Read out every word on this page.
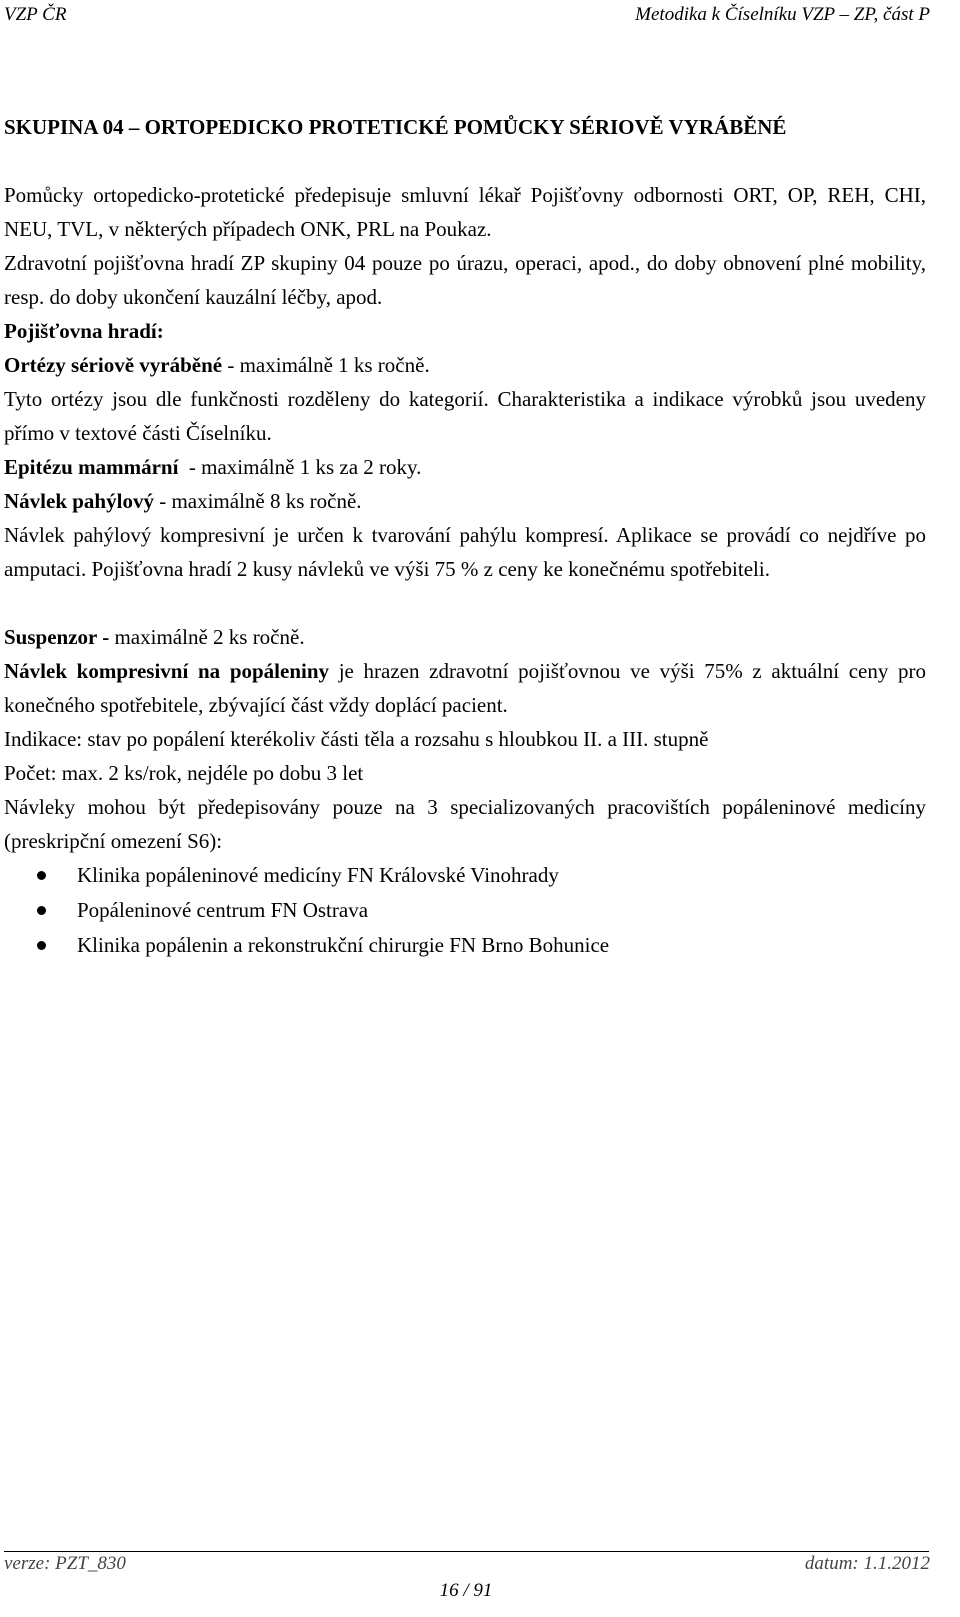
VZP ČR	Metodika k Číselníku VZP – ZP, část P
SKUPINA 04 – ORTOPEDICKO PROTETICKÉ POMŮCKY SÉRIOVĚ VYRÁBĚNÉ

Pomůcky ortopedicko-protetické předepisuje smluvní lékař Pojišťovny odbornosti ORT, OP, REH, CHI, NEU, TVL, v některých případech ONK, PRL na Poukaz.

Zdravotní pojišťovna hradí ZP skupiny 04 pouze po úrazu, operaci, apod., do doby obnovení plné mobility, resp. do doby ukončení kauzální léčby, apod.

Pojišťovna hradí:

Ortézy sériově vyráběné - maximálně 1 ks ročně.

Tyto ortézy jsou dle funkčnosti rozděleny do kategorií. Charakteristika a indikace výrobků jsou uvedeny přímo v textové části Číselníku.

Epitézu mammární  - maximálně 1 ks za 2 roky.

Návlek pahýlový - maximálně 8 ks ročně.

Návlek pahýlový kompresivní je určen k tvarování pahýlu kompresí. Aplikace se provádí co nejdříve po amputaci. Pojišťovna hradí 2 kusy návleků ve výši 75 % z ceny ke konečnému spotřebiteli.

Suspenzor - maximálně 2 ks ročně.

Návlek kompresivní na popáleniny je hrazen zdravotní pojišťovnou ve výši 75% z aktuální ceny pro konečného spotřebitele, zbývající část vždy doplácí pacient.

Indikace: stav po popálení kterékoliv části těla a rozsahu s hloubkou II. a III. stupně

Počet: max. 2 ks/rok, nejdéle po dobu 3 let

Návleky mohou být předepisovány pouze na 3 specializovaných pracovištích popáleninové medicíny (preskripční omezení S6):

Klinika popáleninové medicíny FN Královské Vinohrady
Popáleninové centrum FN Ostrava
Klinika popálenin a rekonstrukční chirurgie FN Brno Bohunice
verze: PZT_830	datum: 1.1.2012
16 / 91
